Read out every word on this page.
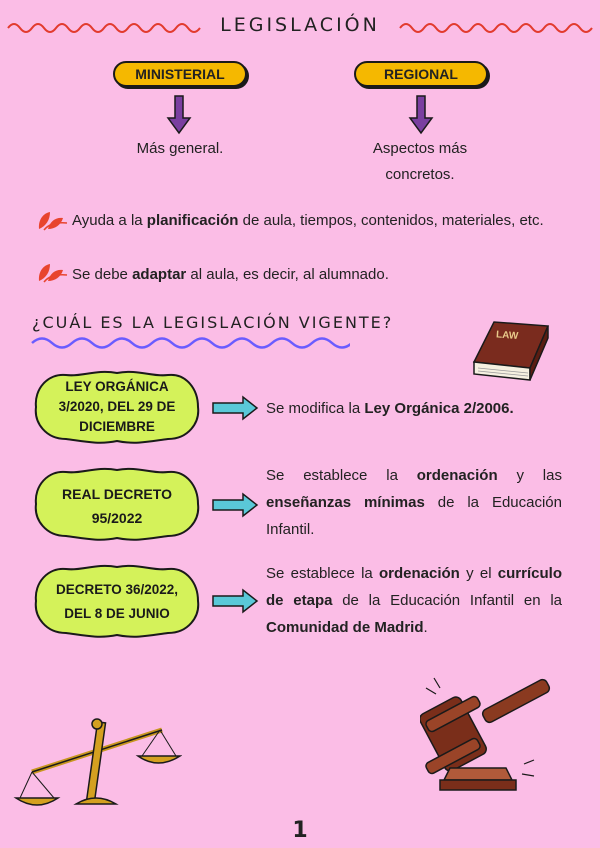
LEGISLACIÓN
MINISTERIAL	REGIONAL
Más general.	Aspectos más
concretos.
Ayuda a la planificación de aula, tiempos, contenidos, materiales, etc.
Se debe adaptar al aula, es decir, al alumnado.
¿CUÁL ES LA LEGISLACIÓN VIGENTE?
LAW
LEY ORGÁNICA
3/2020, DEL 29 DE
DICIEMBRE
REAL DECRETO
95/2022
DECRETO 36/2022,
DEL 8 DE JUNIO
Se modifica la Ley Orgánica 2/2006.
Se establece la ordenación y las enseñanzas mínimas de la Educación Infantil.
Se establece la ordenación y el currículo de etapa de la Educación Infantil en la Comunidad de Madrid.
1
